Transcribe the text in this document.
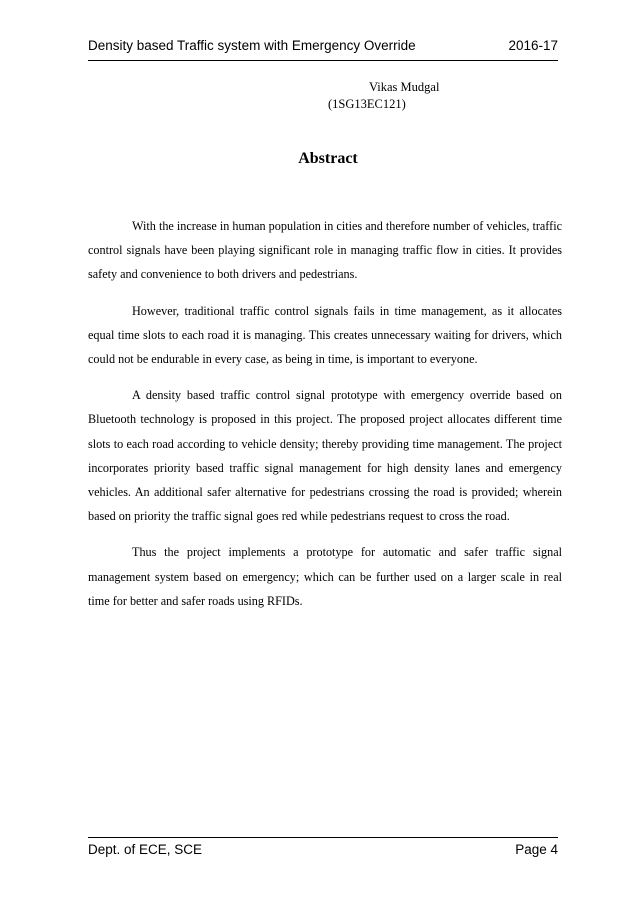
Density based Traffic system with Emergency Override	2016-17
Vikas Mudgal
(1SG13EC121)
Abstract

With the increase in human population in cities and therefore number of vehicles, traffic control signals have been playing significant role in managing traffic flow in cities. It provides safety and convenience to both drivers and pedestrians.

However, traditional traffic control signals fails in time management, as it allocates equal time slots to each road it is managing. This creates unnecessary waiting for drivers, which could not be endurable in every case, as being in time, is important to everyone.

A density based traffic control signal prototype with emergency override based on Bluetooth technology is proposed in this project. The proposed project allocates different time slots to each road according to vehicle density; thereby providing time management. The project incorporates priority based traffic signal management for high density lanes and emergency vehicles. An additional safer alternative for pedestrians crossing the road is provided; wherein based on priority the traffic signal goes red while pedestrians request to cross the road.

Thus the project implements a prototype for automatic and safer traffic signal management system based on emergency; which can be further used on a larger scale in real time for better and safer roads using RFIDs.

Dept. of ECE, SCE	Page 4
